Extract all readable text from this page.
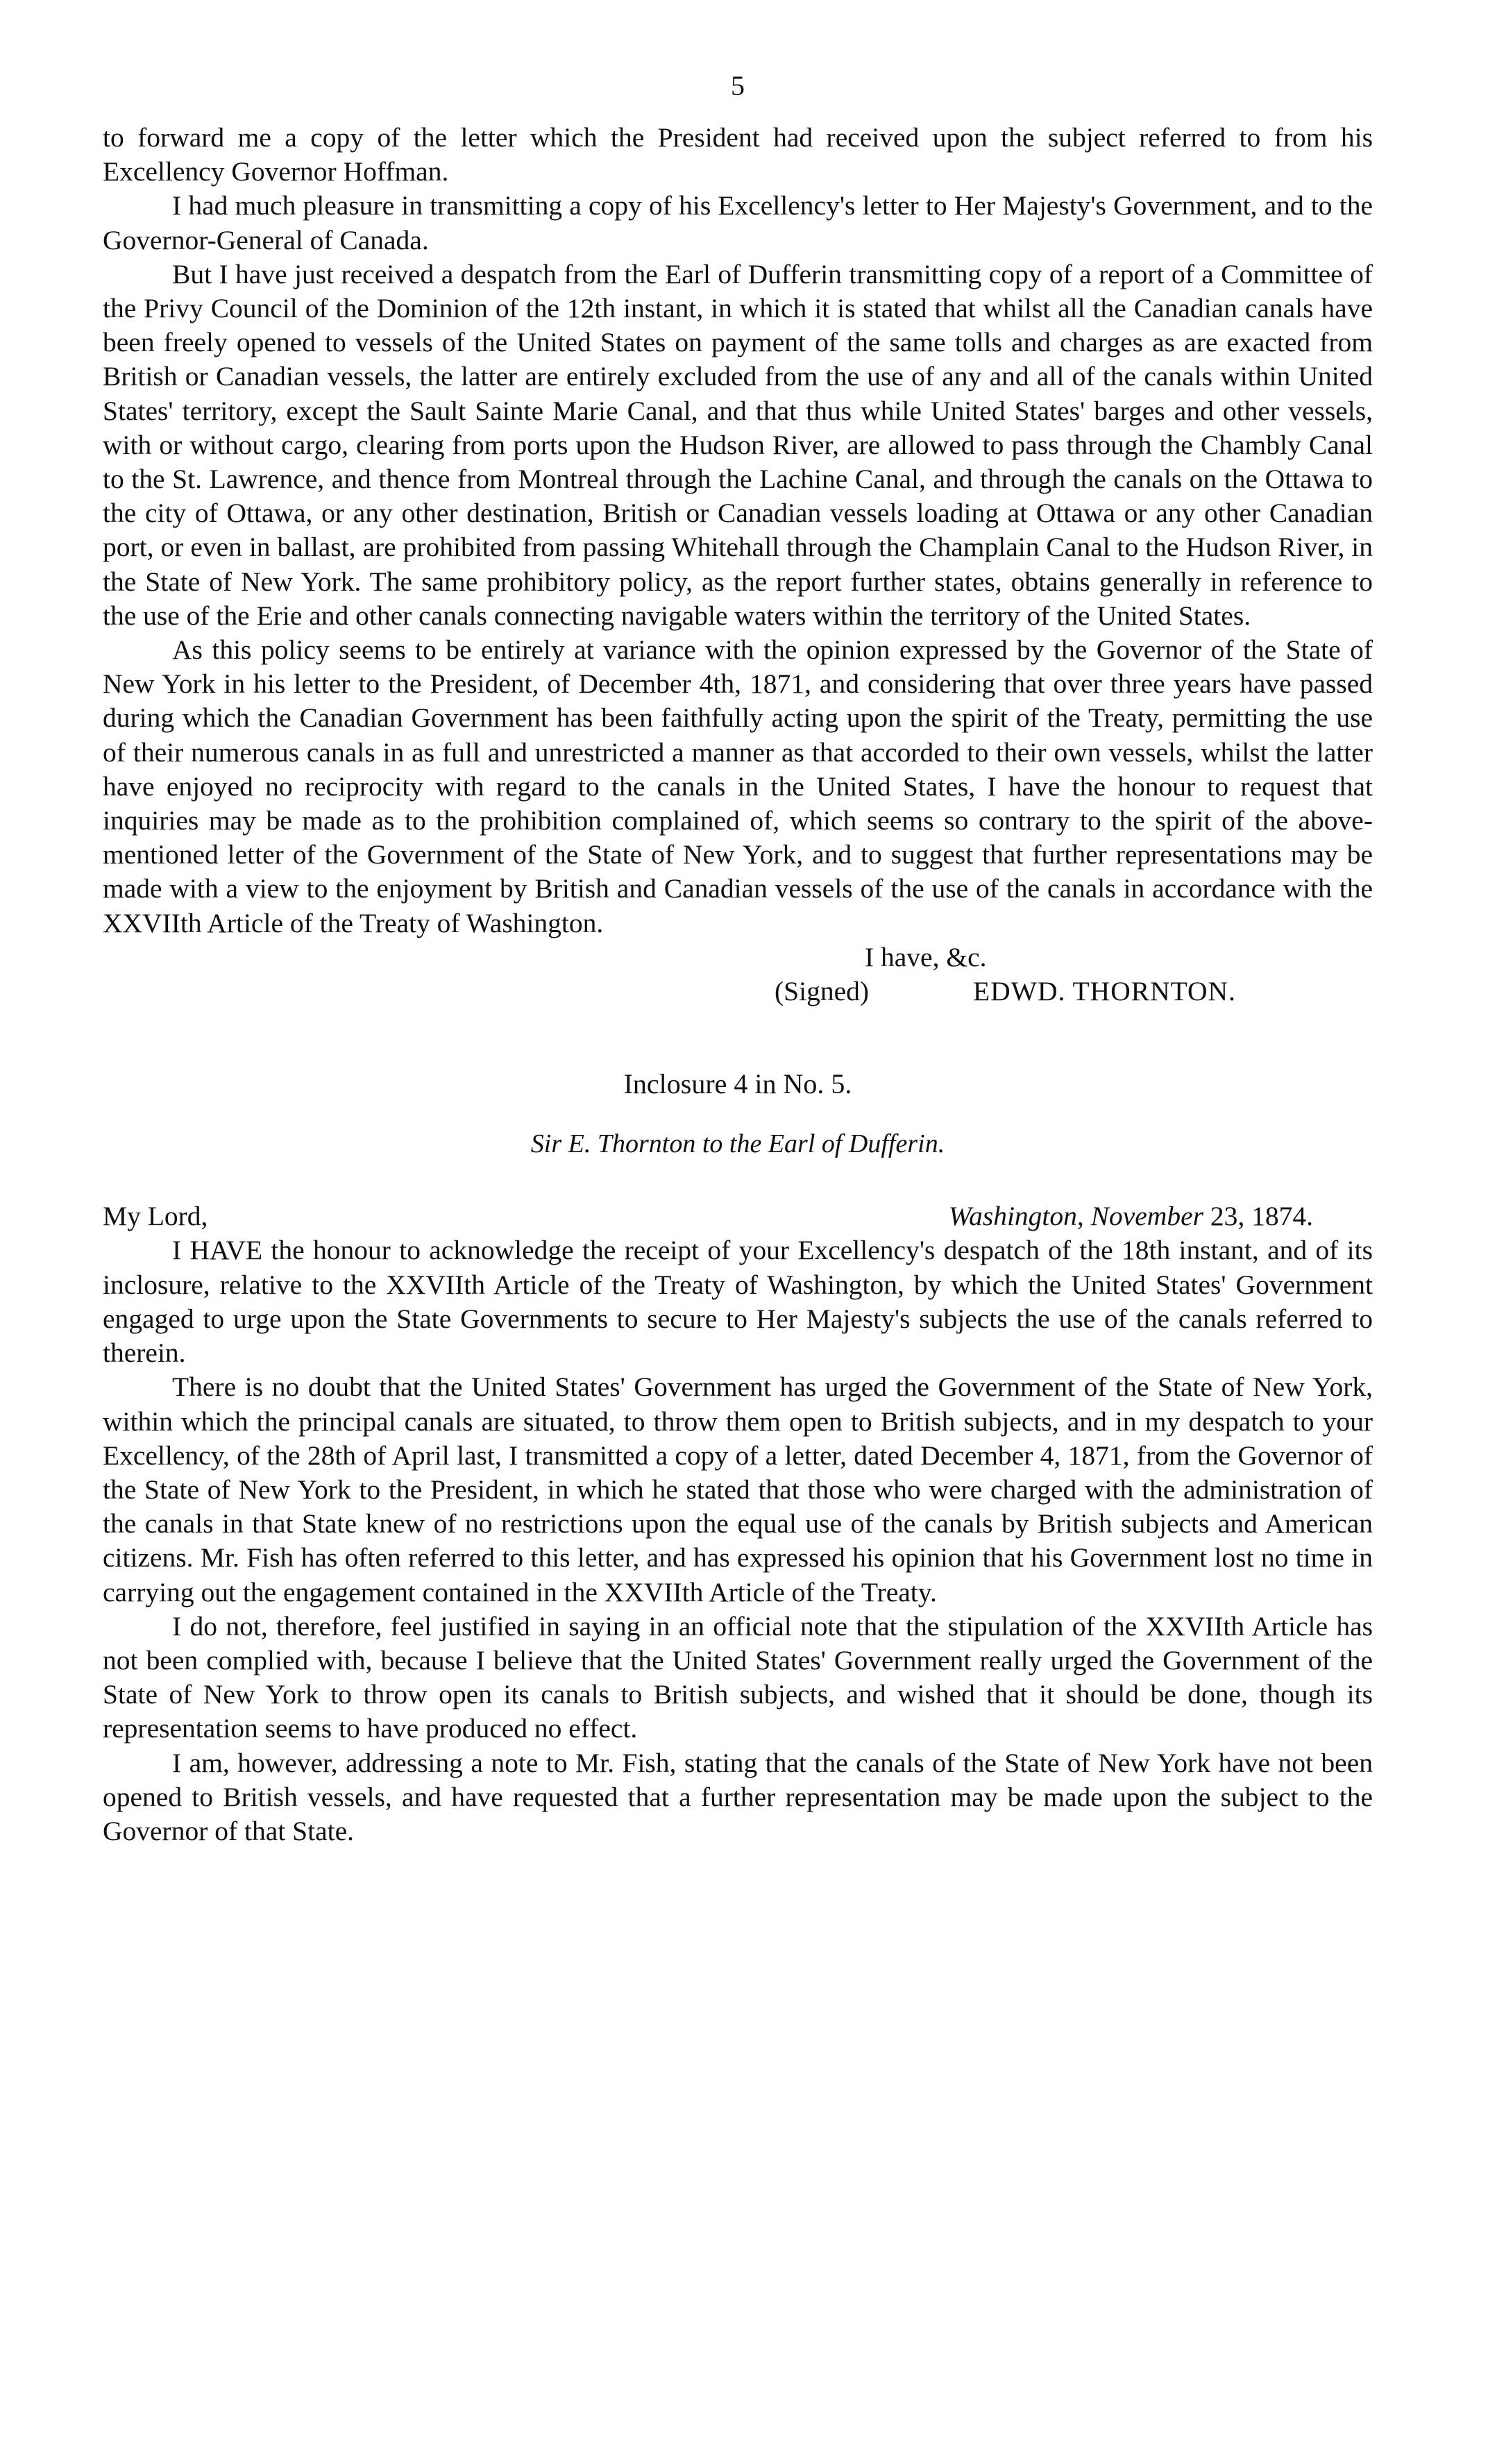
5

to forward me a copy of the letter which the President had received upon the subject referred to from his Excellency Governor Hoffman.

I had much pleasure in transmitting a copy of his Excellency's letter to Her Majesty's Government, and to the Governor-General of Canada.

But I have just received a despatch from the Earl of Dufferin transmitting copy of a report of a Committee of the Privy Council of the Dominion of the 12th instant, in which it is stated that whilst all the Canadian canals have been freely opened to vessels of the United States on payment of the same tolls and charges as are exacted from British or Canadian vessels, the latter are entirely excluded from the use of any and all of the canals within United States' territory, except the Sault Sainte Marie Canal, and that thus while United States' barges and other vessels, with or without cargo, clearing from ports upon the Hudson River, are allowed to pass through the Chambly Canal to the St. Lawrence, and thence from Montreal through the Lachine Canal, and through the canals on the Ottawa to the city of Ottawa, or any other destination, British or Canadian vessels loading at Ottawa or any other Canadian port, or even in ballast, are prohibited from passing Whitehall through the Champlain Canal to the Hudson River, in the State of New York. The same prohibitory policy, as the report further states, obtains generally in reference to the use of the Erie and other canals connecting navigable waters within the territory of the United States.

As this policy seems to be entirely at variance with the opinion expressed by the Governor of the State of New York in his letter to the President, of December 4th, 1871, and considering that over three years have passed during which the Canadian Government has been faithfully acting upon the spirit of the Treaty, permitting the use of their numerous canals in as full and unrestricted a manner as that accorded to their own vessels, whilst the latter have enjoyed no reciprocity with regard to the canals in the United States, I have the honour to request that inquiries may be made as to the prohibition complained of, which seems so contrary to the spirit of the above-mentioned letter of the Government of the State of New York, and to suggest that further representations may be made with a view to the enjoyment by British and Canadian vessels of the use of the canals in accordance with the XXVIIth Article of the Treaty of Washington.

I have, &c.

(Signed)	EDWD. THORNTON.

Inclosure 4 in No. 5.
Sir E. Thornton to the Earl of Dufferin.
My Lord,	Washington, November 23, 1874.

I HAVE the honour to acknowledge the receipt of your Excellency's despatch of the 18th instant, and of its inclosure, relative to the XXVIIth Article of the Treaty of Washington, by which the United States' Government engaged to urge upon the State Governments to secure to Her Majesty's subjects the use of the canals referred to therein.

There is no doubt that the United States' Government has urged the Government of the State of New York, within which the principal canals are situated, to throw them open to British subjects, and in my despatch to your Excellency, of the 28th of April last, I transmitted a copy of a letter, dated December 4, 1871, from the Governor of the State of New York to the President, in which he stated that those who were charged with the administration of the canals in that State knew of no restrictions upon the equal use of the canals by British subjects and American citizens. Mr. Fish has often referred to this letter, and has expressed his opinion that his Government lost no time in carrying out the engagement contained in the XXVIIth Article of the Treaty.

I do not, therefore, feel justified in saying in an official note that the stipulation of the XXVIIth Article has not been complied with, because I believe that the United States' Government really urged the Government of the State of New York to throw open its canals to British subjects, and wished that it should be done, though its representation seems to have produced no effect.

I am, however, addressing a note to Mr. Fish, stating that the canals of the State of New York have not been opened to British vessels, and have requested that a further representation may be made upon the subject to the Governor of that State.
